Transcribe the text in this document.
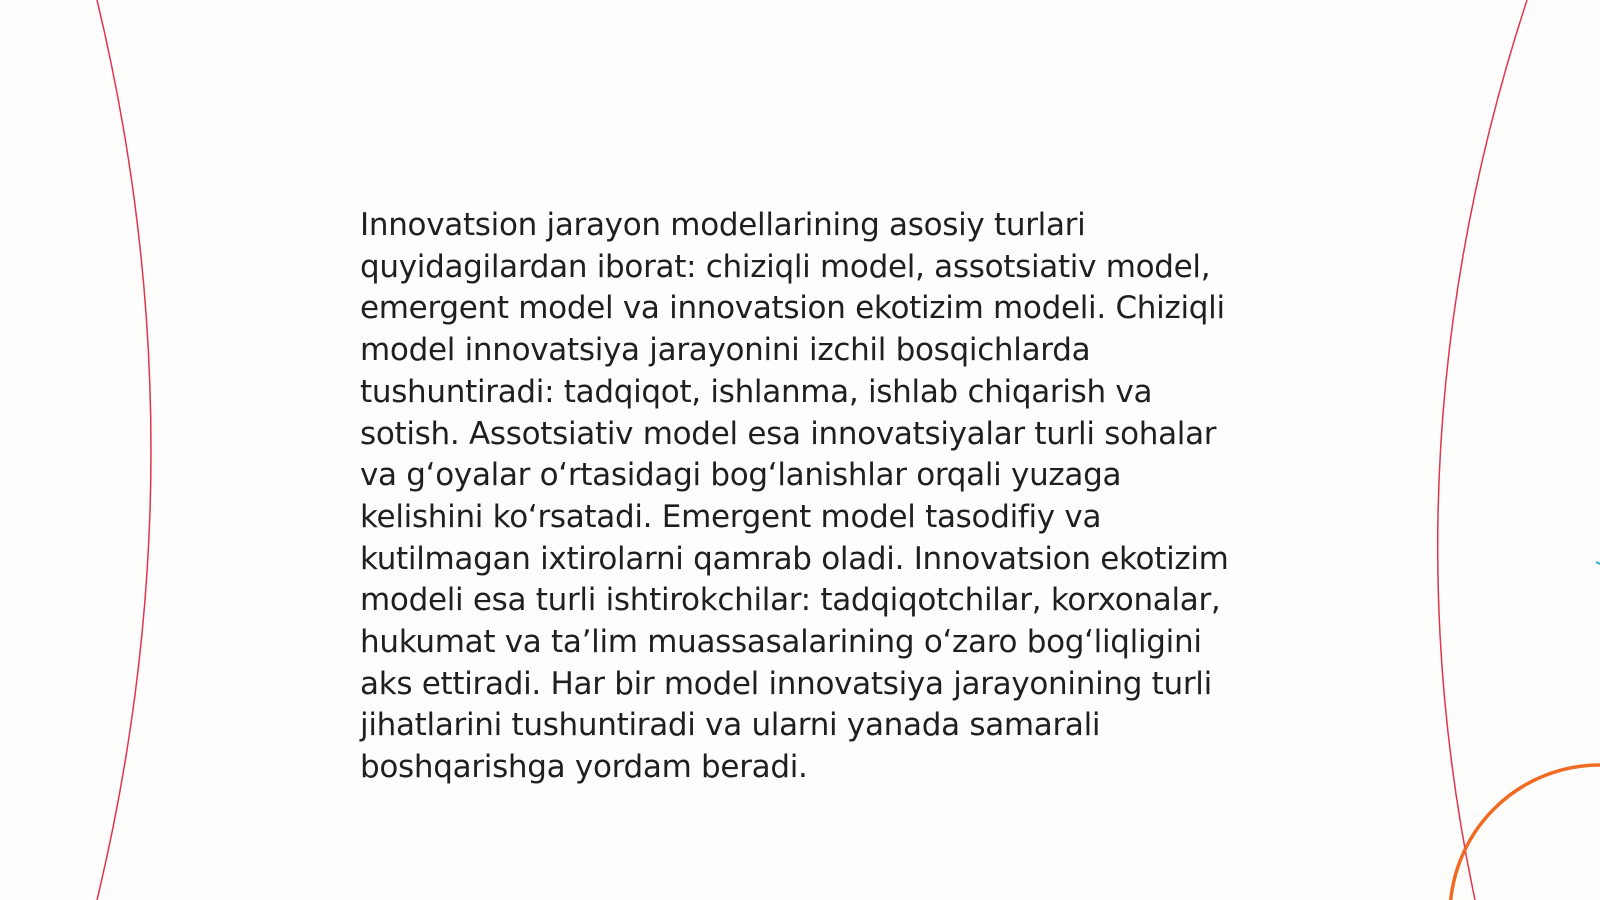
Innovatsion jarayon modellarining asosiy turlari quyidagilardan iborat: chiziqli model, assotsiativ model, emergent model va innovatsion ekotizim modeli. Chiziqli model innovatsiya jarayonini izchil bosqichlarda tushuntiradi: tadqiqot, ishlanma, ishlab chiqarish va sotish. Assotsiativ model esa innovatsiyalar turli sohalar va g‘oyalar o‘rtasidagi bog‘lanishlar orqali yuzaga kelishini ko‘rsatadi. Emergent model tasodifiy va kutilmagan ixtirolarni qamrab oladi. Innovatsion ekotizim modeli esa turli ishtirokchilar: tadqiqotchilar, korxonalar, hukumat va ta’lim muassasalarining o‘zaro bog‘liqligini aks ettiradi. Har bir model innovatsiya jarayonining turli jihatlarini tushuntiradi va ularni yanada samarali boshqarishga yordam beradi.
